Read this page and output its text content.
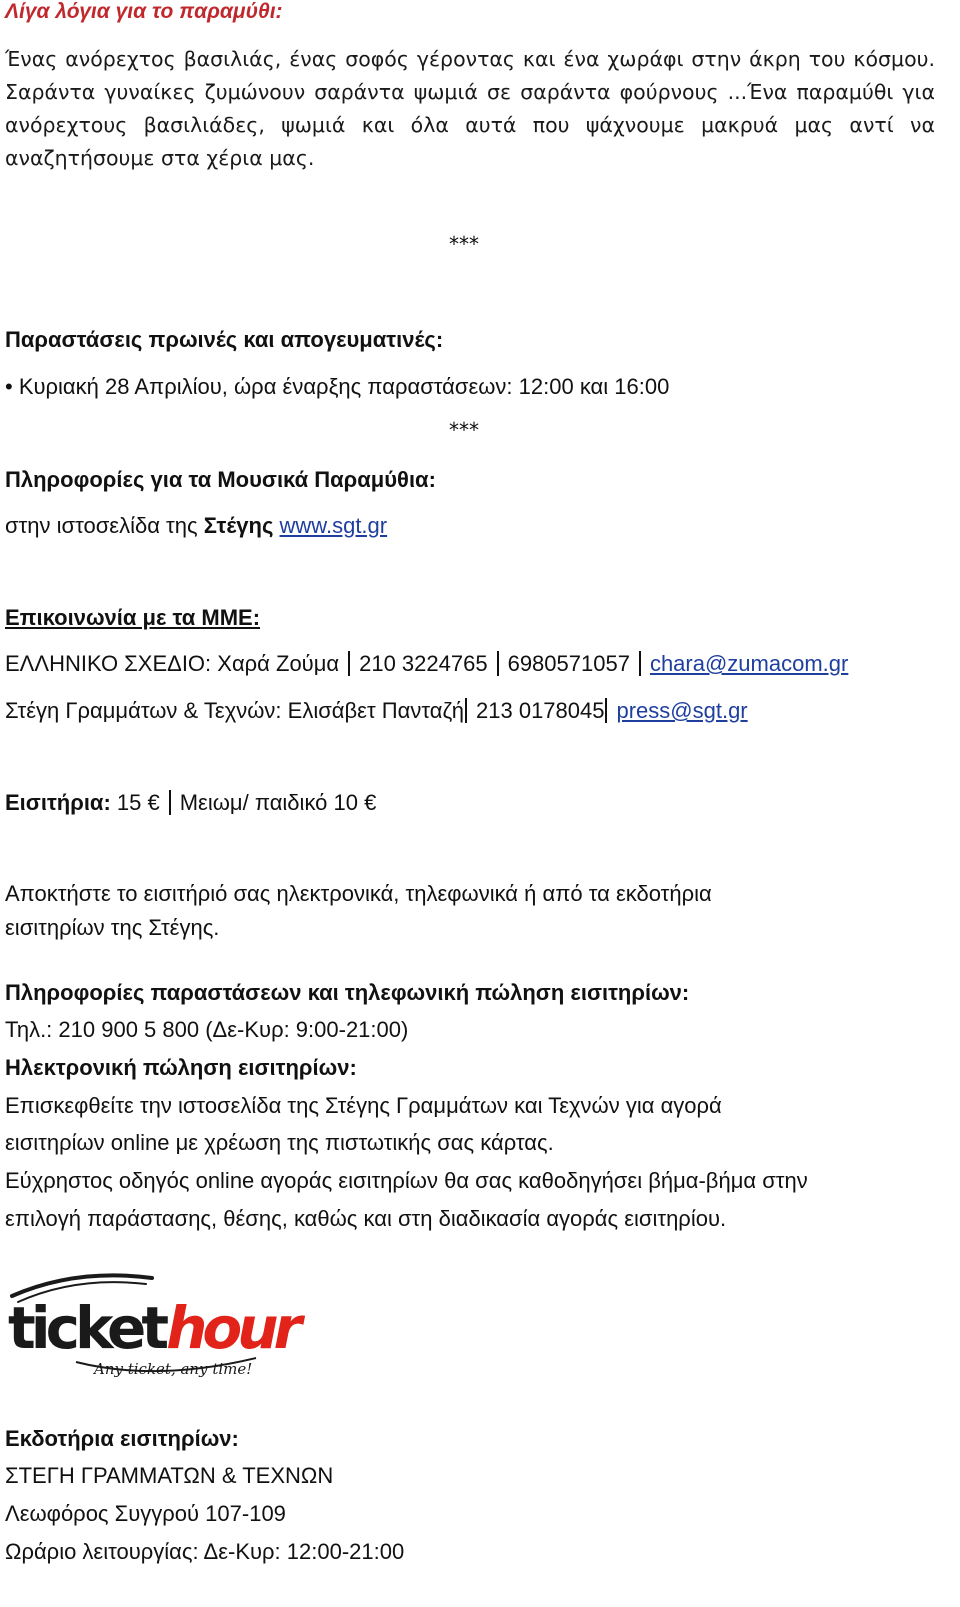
Λίγα λόγια για το παραμύθι:
Ένας ανόρεχτος βασιλιάς, ένας σοφός γέροντας και ένα χωράφι στην άκρη του κόσμου. Σαράντα γυναίκες ζυμώνουν σαράντα ψωμιά σε σαράντα φούρνους ...Ένα παραμύθι για ανόρεχτους βασιλιάδες, ψωμιά και όλα αυτά που ψάχνουμε μακρυά μας αντί να αναζητήσουμε στα χέρια μας.
***
Παραστάσεις πρωινές και απογευματινές:
• Κυριακή 28 Απριλίου, ώρα έναρξης παραστάσεων: 12:00 και 16:00
***
Πληροφορίες για τα Μουσικά Παραμύθια:
στην ιστοσελίδα της Στέγης www.sgt.gr
Επικοινωνία με τα ΜΜΕ:
ΕΛΛΗΝΙΚΟ ΣΧΕΔΙΟ: Χαρά Ζούμα 210 3224765 6980571057 chara@zumacom.gr
Στέγη Γραμμάτων & Τεχνών: Ελισάβετ Πανταζή 213 0178045 press@sgt.gr
Εισιτήρια: 15 € Μειωμ/ παιδικό 10 €
Αποκτήστε το εισιτήριό σας ηλεκτρονικά, τηλεφωνικά ή από τα εκδοτήρια
εισιτηρίων της Στέγης.
Πληροφορίες παραστάσεων και τηλεφωνική πώληση εισιτηρίων:
Τηλ.: 210 900 5 800 (Δε-Κυρ: 9:00-21:00)
Ηλεκτρονική πώληση εισιτηρίων:
Επισκεφθείτε την ιστοσελίδα της Στέγης Γραμμάτων και Τεχνών για αγορά
εισιτηρίων online με χρέωση της πιστωτικής σας κάρτας.
Εύχρηστος οδηγός online αγοράς εισιτηρίων θα σας καθοδηγήσει βήμα-βήμα στην
επιλογή παράστασης, θέσης, καθώς και στη διαδικασία αγοράς εισιτηρίου.
tickethour
Any ticket, any time!
Εκδοτήρια εισιτηρίων:
ΣΤΕΓΗ ΓΡΑΜΜΑΤΩΝ & ΤΕΧΝΩΝ
Λεωφόρος Συγγρού 107-109
Ωράριο λειτουργίας: Δε-Κυρ: 12:00-21:00
